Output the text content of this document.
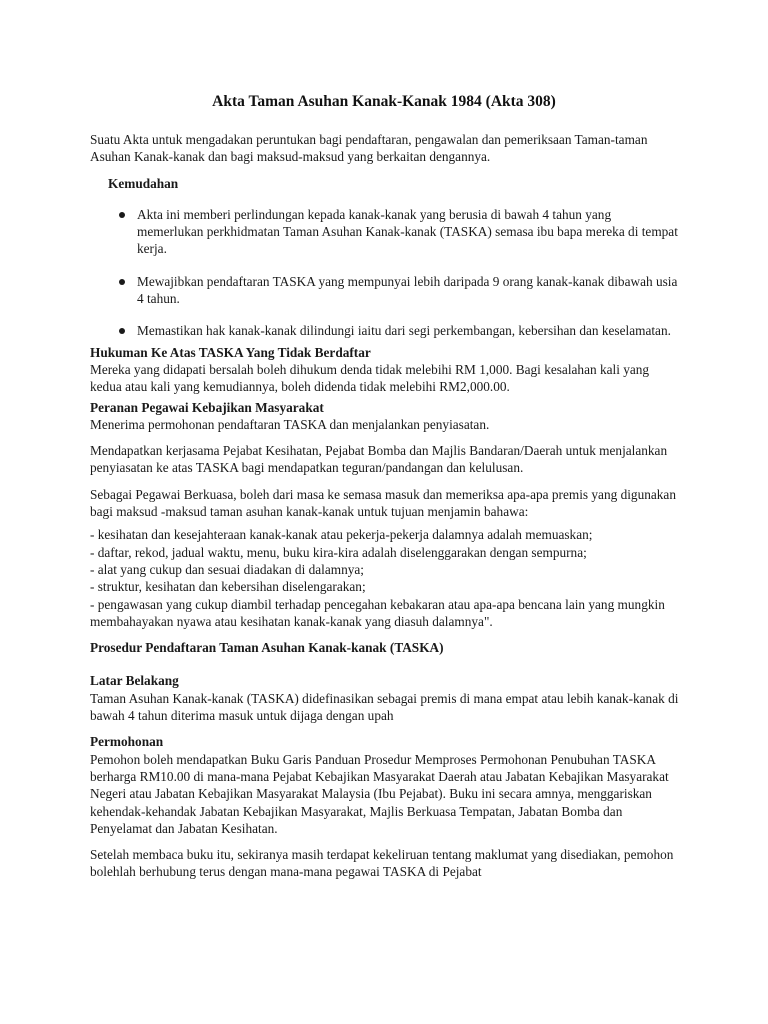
Akta Taman Asuhan Kanak-Kanak 1984 (Akta 308)

Suatu Akta untuk mengadakan peruntukan bagi pendaftaran, pengawalan dan pemeriksaan Taman-taman Asuhan Kanak-kanak dan bagi maksud-maksud yang berkaitan dengannya.

Kemudahan

Akta ini memberi perlindungan kepada kanak-kanak yang berusia di bawah 4 tahun yang memerlukan perkhidmatan Taman Asuhan Kanak-kanak (TASKA) semasa ibu bapa mereka di tempat kerja.
Mewajibkan pendaftaran TASKA yang mempunyai lebih daripada 9 orang kanak-kanak dibawah usia 4 tahun.
Memastikan hak kanak-kanak dilindungi iaitu dari segi perkembangan, kebersihan dan keselamatan.

Hukuman Ke Atas TASKA Yang Tidak Berdaftar

Mereka yang didapati bersalah boleh dihukum denda tidak melebihi RM 1,000. Bagi kesalahan kali yang kedua atau kali yang kemudiannya, boleh didenda tidak melebihi RM2,000.00.

Peranan Pegawai Kebajikan Masyarakat

Menerima permohonan pendaftaran TASKA dan menjalankan penyiasatan.

Mendapatkan kerjasama Pejabat Kesihatan, Pejabat Bomba dan Majlis Bandaran/Daerah untuk menjalankan penyiasatan ke atas TASKA bagi mendapatkan teguran/pandangan dan kelulusan.

Sebagai Pegawai Berkuasa, boleh dari masa ke semasa masuk dan memeriksa apa-apa premis yang digunakan bagi maksud -maksud taman asuhan kanak-kanak untuk tujuan menjamin bahawa:

- kesihatan dan kesejahteraan kanak-kanak atau pekerja-pekerja dalamnya adalah memuaskan;
- daftar, rekod, jadual waktu, menu, buku kira-kira adalah diselenggarakan dengan sempurna;
- alat yang cukup dan sesuai diadakan di dalamnya;
- struktur, kesihatan dan kebersihan diselengarakan;
- pengawasan yang cukup diambil terhadap pencegahan kebakaran atau apa-apa bencana lain yang mungkin membahayakan nyawa atau kesihatan kanak-kanak yang diasuh dalamnya".

Prosedur Pendaftaran Taman Asuhan Kanak-kanak (TASKA)

Latar Belakang

Taman Asuhan Kanak-kanak (TASKA) didefinasikan sebagai premis di mana empat atau lebih kanak-kanak di bawah 4 tahun diterima masuk untuk dijaga dengan upah

Permohonan

Pemohon boleh mendapatkan Buku Garis Panduan Prosedur Memproses Permohonan Penubuhan TASKA berharga RM10.00 di mana-mana Pejabat Kebajikan Masyarakat Daerah atau Jabatan Kebajikan Masyarakat Negeri atau Jabatan Kebajikan Masyarakat Malaysia (Ibu Pejabat). Buku ini secara amnya, menggariskan kehendak-kehandak Jabatan Kebajikan Masyarakat, Majlis Berkuasa Tempatan, Jabatan Bomba dan Penyelamat dan Jabatan Kesihatan.

Setelah membaca buku itu, sekiranya masih terdapat kekeliruan tentang maklumat yang disediakan, pemohon bolehlah berhubung terus dengan mana-mana pegawai TASKA di Pejabat
